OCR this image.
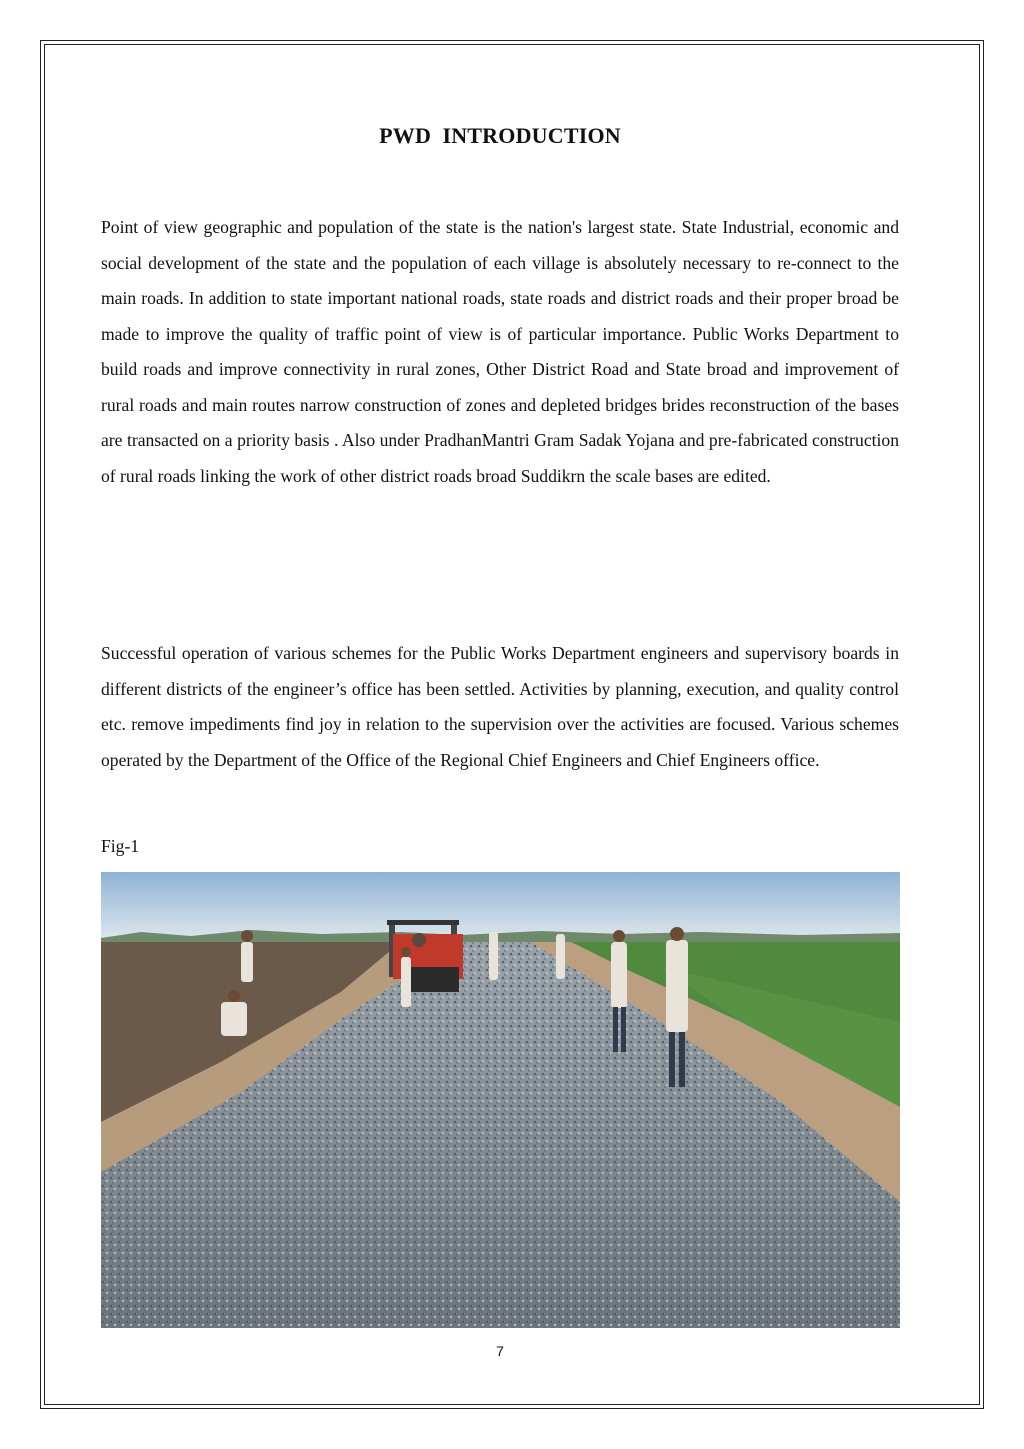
PWD  INTRODUCTION

Point of view geographic and population of the state is the nation's largest state. State Industrial, economic and social development of the state and the population of each village is absolutely necessary to re-connect to the main roads. In addition to state important national roads, state roads and district roads and their proper broad be made to improve the quality of traffic point of view is of particular importance. Public Works Department to build roads and improve connectivity in rural zones, Other District Road and State broad and improvement of rural roads and main routes narrow construction of zones and depleted bridges brides reconstruction of the bases are transacted on a priority basis . Also under PradhanMantri Gram Sadak Yojana and pre-fabricated construction of rural roads linking the work of other district roads broad Suddikrn the scale bases are edited.

Successful operation of various schemes for the Public Works Department engineers and supervisory boards in different districts of the engineer’s office has been settled. Activities by planning, execution, and quality control etc. remove impediments find joy in relation to the supervision over the activities are focused. Various schemes operated by the Department of the Office of the Regional Chief Engineers and Chief Engineers office.

Fig-1
7
